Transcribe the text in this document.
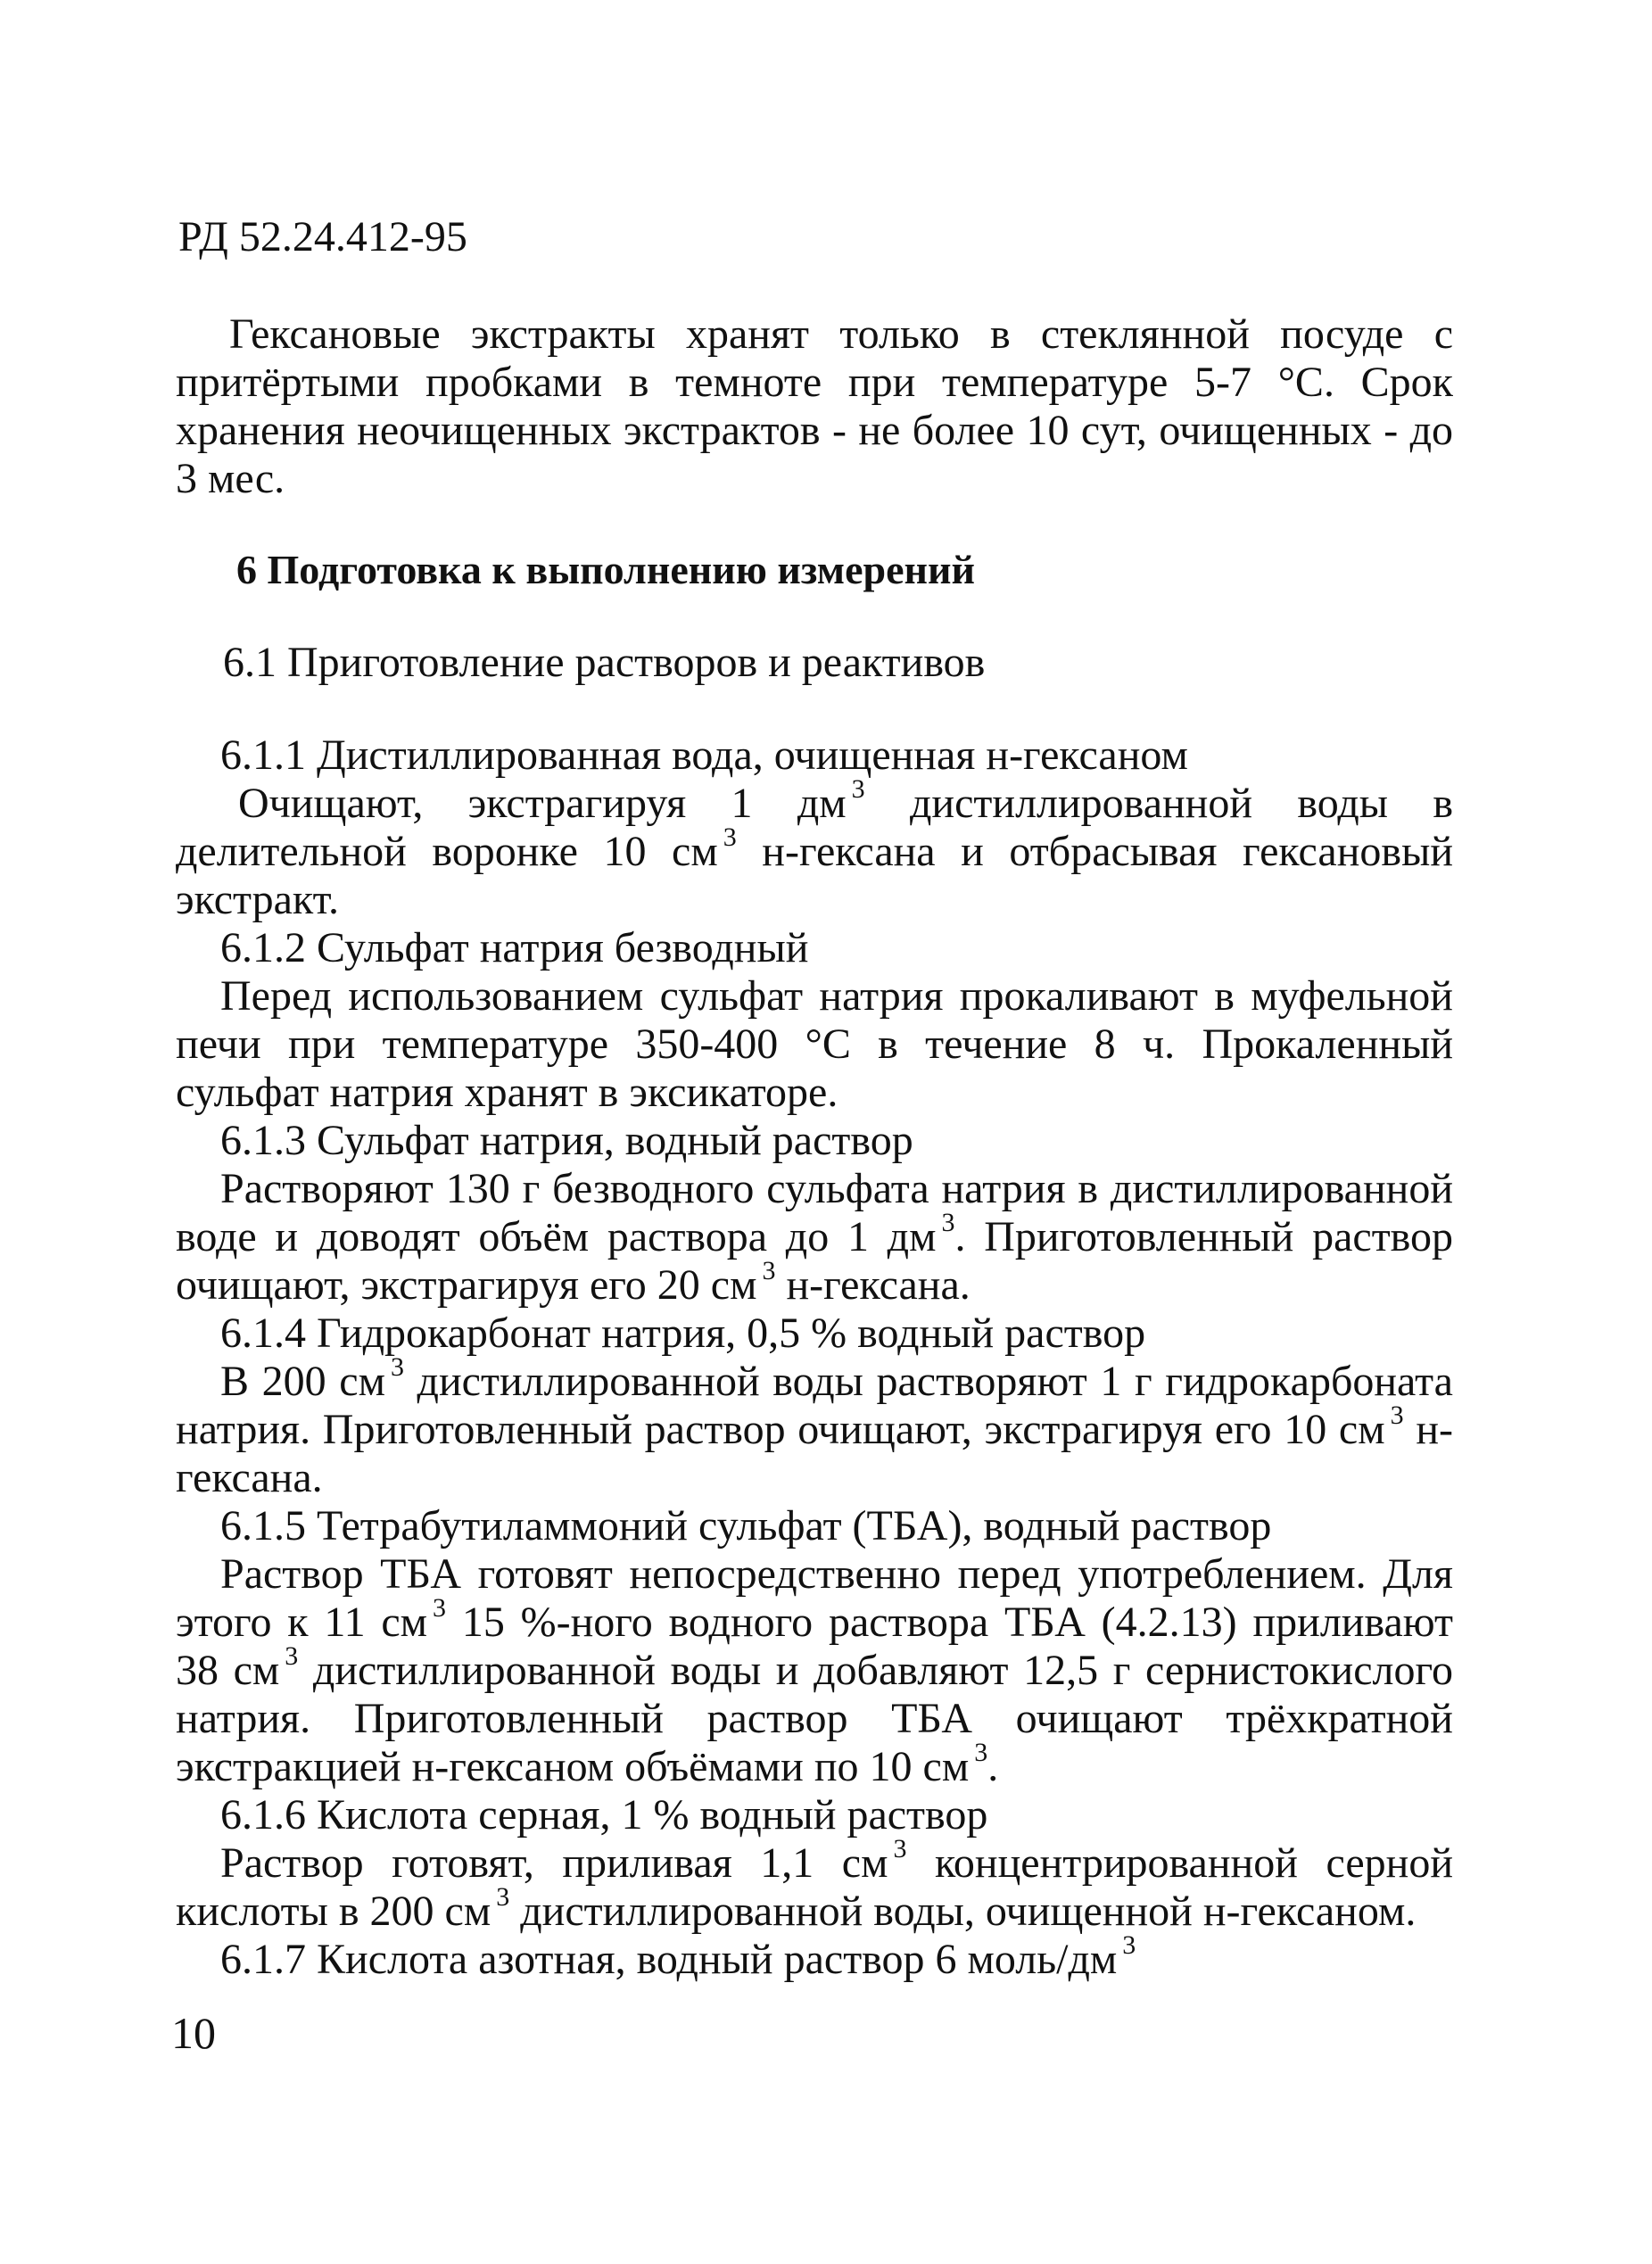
РД 52.24.412-95

Гексановые экстракты хранят только в стеклянной посуде с притёртыми пробками в темноте при температуре 5-7 °С. Срок хранения неочищенных экстрактов - не более 10 сут, очищенных - до 3 мес.

6 Подготовка к выполнению измерений
6.1 Приготовление растворов и реактивов

6.1.1 Дистиллированная вода, очищенная н-гексаном

Очищают, экстрагируя 1 дм $^3$ дистиллированной воды в делительной воронке 10 см $^3$ н-гексана и отбрасывая гексановый экстракт.

6.1.2 Сульфат натрия безводный

Перед использованием сульфат натрия прокаливают в муфельной печи при температуре 350-400 °С в течение 8 ч. Прокаленный сульфат натрия хранят в эксикаторе.

6.1.3 Сульфат натрия, водный раствор

Растворяют 130 г безводного сульфата натрия в дистиллированной воде и доводят объём раствора до 1 дм $^3$. Приготовленный раствор очищают, экстрагируя его 20 см $^3$ н-гексана.

6.1.4 Гидрокарбонат натрия, 0,5 % водный раствор

В 200 см $^3$ дистиллированной воды растворяют 1 г гидрокарбоната натрия. Приготовленный раствор очищают, экстрагируя его 10 см $^3$ н-гексана.

6.1.5 Тетрабутиламмоний сульфат (ТБА), водный раствор

Раствор ТБА готовят непосредственно перед употреблением. Для этого к 11 см $^3$ 15 %-ного водного раствора ТБА (4.2.13) приливают 38 см $^3$ дистиллированной воды и добавляют 12,5 г сернистокислого натрия. Приготовленный раствор ТБА очищают трёхкратной экстракцией н-гексаном объёмами по 10 см $^3$.

6.1.6 Кислота серная, 1 % водный раствор

Раствор готовят, приливая 1,1 см $^3$ концентрированной серной кислоты в 200 см $^3$ дистиллированной воды, очищенной н-гексаном.

6.1.7 Кислота азотная, водный раствор 6 моль/дм $^3$

10
